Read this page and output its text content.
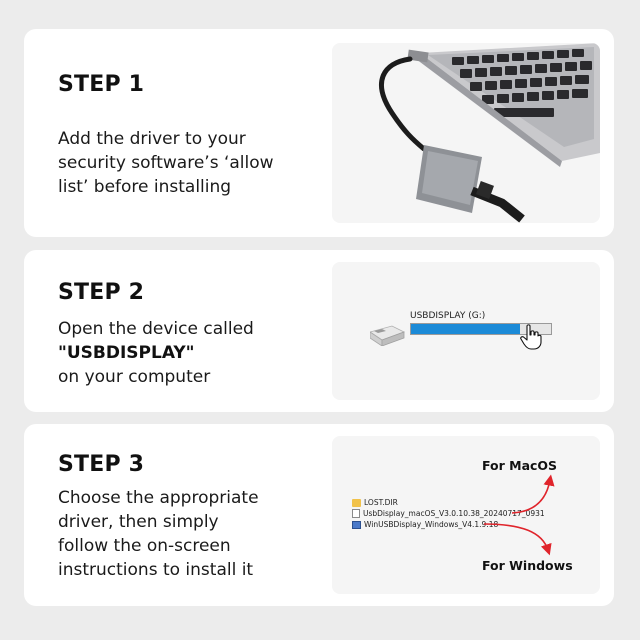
STEP 1
Add the driver to your
security software’s ‘allow
list’ before installing
STEP 2
Open the device called
"USBDISPLAY"
on your computer
USBDISPLAY (G:)
STEP 3
Choose the appropriate
driver, then simply
follow the on-screen
instructions to install it
For MacOS
LOST.DIR
UsbDisplay_macOS_V3.0.10.38_20240717_0931
WinUSBDisplay_Windows_V4.1.9.18
For Windows
